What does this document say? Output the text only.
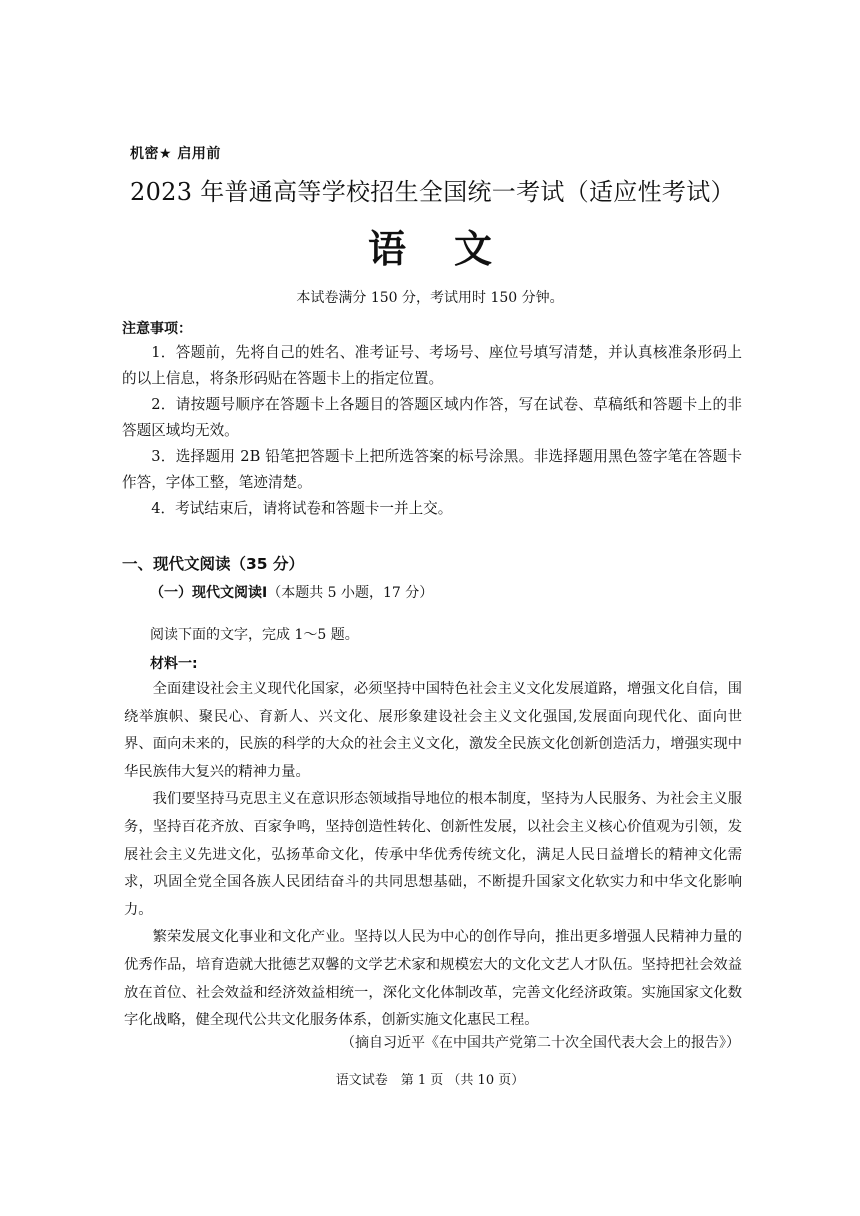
机密★ 启用前
2023 年普通高等学校招生全国统一考试（适应性考试）
语 文
本试卷满分 150 分，考试用时 150 分钟。
注意事项：

1．答题前，先将自己的姓名、准考证号、考场号、座位号填写清楚，并认真核准条形码上的以上信息，将条形码贴在答题卡上的指定位置。

2．请按题号顺序在答题卡上各题目的答题区域内作答，写在试卷、草稿纸和答题卡上的非答题区域均无效。

3．选择题用 2B 铅笔把答题卡上把所选答案的标号涂黑。非选择题用黑色签字笔在答题卡作答，字体工整，笔迹清楚。

4．考试结束后，请将试卷和答题卡一并上交。

一、现代文阅读（35 分）
（一）现代文阅读Ⅰ（本题共 5 小题，17 分）
阅读下面的文字，完成 1～5 题。
材料一:

全面建设社会主义现代化国家，必须坚持中国特色社会主义文化发展道路，增强文化自信，围绕举旗帜、聚民心、育新人、兴文化、展形象建设社会主义文化强国,发展面向现代化、面向世界、面向未来的，民族的科学的大众的社会主义文化，激发全民族文化创新创造活力，增强实现中华民族伟大复兴的精神力量。

我们要坚持马克思主义在意识形态领域指导地位的根本制度，坚持为人民服务、为社会主义服务，坚持百花齐放、百家争鸣，坚持创造性转化、创新性发展，以社会主义核心价值观为引领，发展社会主义先进文化，弘扬革命文化，传承中华优秀传统文化，满足人民日益增长的精神文化需求，巩固全党全国各族人民团结奋斗的共同思想基础，不断提升国家文化软实力和中华文化影响力。

繁荣发展文化事业和文化产业。坚持以人民为中心的创作导向，推出更多增强人民精神力量的优秀作品，培育造就大批德艺双馨的文学艺术家和规模宏大的文化文艺人才队伍。坚持把社会效益放在首位、社会效益和经济效益相统一，深化文化体制改革，完善文化经济政策。实施国家文化数字化战略，健全现代公共文化服务体系，创新实施文化惠民工程。

（摘自习近平《在中国共产党第二十次全国代表大会上的报告》）
语文试卷　第 1 页 （共 10 页）
